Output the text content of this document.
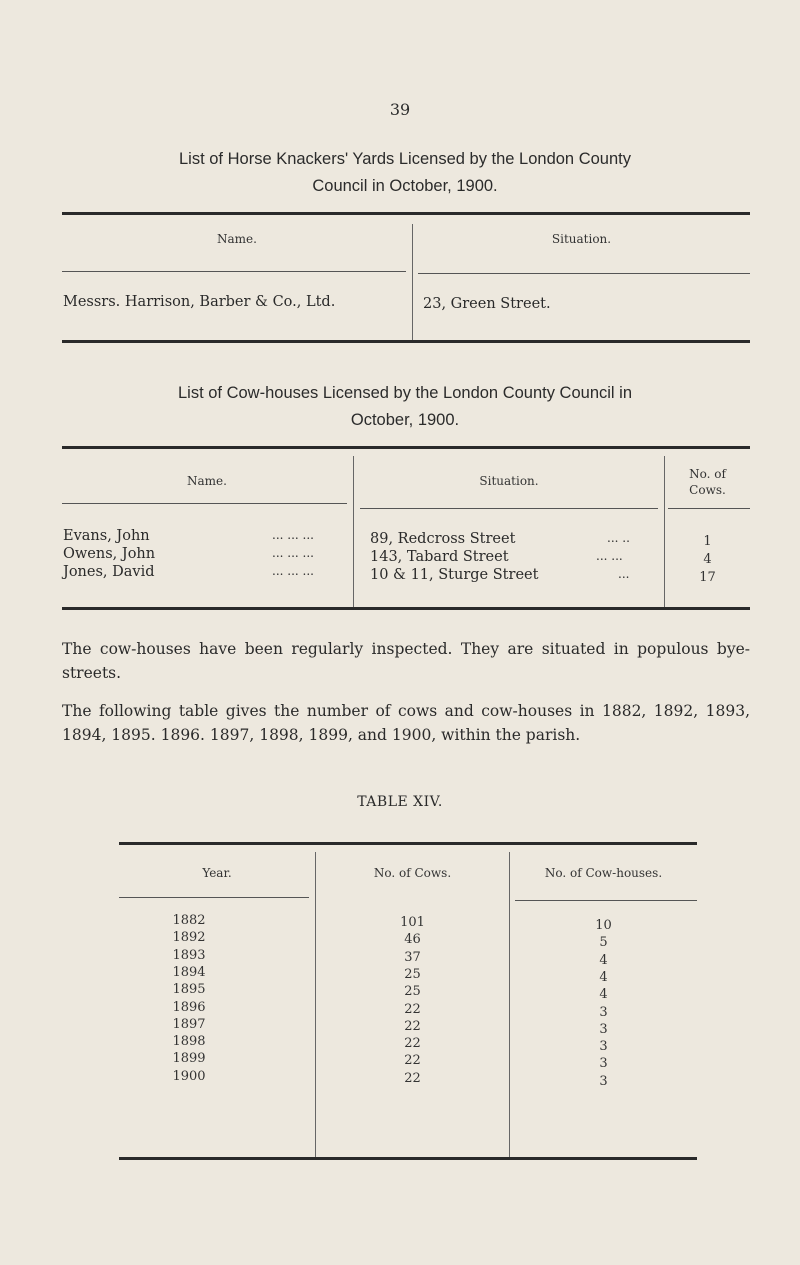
39
List of Horse Knackers' Yards Licensed by the London County
Council in October, 1900.
Name.	Situation.
Messrs. Harrison, Barber & Co., Ltd.	23, Green Street.
List of Cow-houses Licensed by the London County Council in
October, 1900.
Name.	Situation.	No. of
Cows.
Evans, John	... ... ...	89, Redcross Street	... ..	1
Owens, John	... ... ...	143, Tabard Street	... ...	4
Jones, David	... ... ...	10 & 11, Sturge Street	...	17
The cow-houses have been regularly inspected. They are situated in populous bye-streets.
The following table gives the number of cows and cow-houses in 1882, 1892, 1893, 1894, 1895. 1896. 1897, 1898, 1899, and 1900, within the parish.
TABLE XIV.
Year.	No. of Cows.	No. of Cow-houses.
1882	101	10
1892	46	5
1893	37	4
1894	25	4
1895	25	4
1896	22	3
1897	22	3
1898	22	3
1899	22	3
1900	22	3
